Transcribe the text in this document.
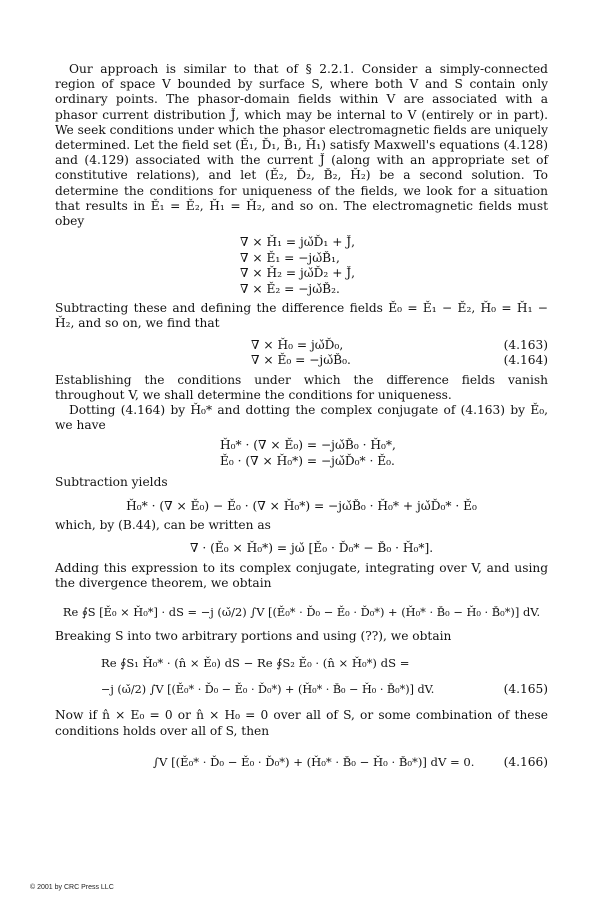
Our approach is similar to that of § 2.2.1. Consider a simply-connected region of space V bounded by surface S, where both V and S contain only ordinary points. The phasor-domain fields within V are associated with a phasor current distribution J̌, which may be internal to V (entirely or in part). We seek conditions under which the phasor electromagnetic fields are uniquely determined. Let the field set (Ě₁, Ď₁, B̌₁, Ȟ₁) satisfy Maxwell's equations (4.128) and (4.129) associated with the current J̌ (along with an appropriate set of constitutive relations), and let (Ě₂, Ď₂, B̌₂, Ȟ₂) be a second solution. To determine the conditions for uniqueness of the fields, we look for a situation that results in Ě₁ = Ě₂, Ȟ₁ = Ȟ₂, and so on. The electromagnetic fields must obey

∇ × Ȟ₁ = jω̌Ď₁ + J̌,
∇ × Ě₁ = −jω̌B̌₁,
∇ × Ȟ₂ = jω̌Ď₂ + J̌,
∇ × Ě₂ = −jω̌B̌₂.

Subtracting these and defining the difference fields Ě₀ = Ě₁ − Ě₂, Ȟ₀ = Ȟ₁ − Ȟ₂, and so on, we find that

∇ × Ȟ₀ = jω̌Ď₀,	(4.163)
∇ × Ě₀ = −jω̌B̌₀.	(4.164)

Establishing the conditions under which the difference fields vanish throughout V, we shall determine the conditions for uniqueness.

Dotting (4.164) by Ȟ₀* and dotting the complex conjugate of (4.163) by Ě₀, we have

Ȟ₀* · (∇ × Ě₀) = −jω̌B̌₀ · Ȟ₀*,
Ě₀ · (∇ × Ȟ₀*) = −jω̌Ď₀* · Ě₀.

Subtraction yields

Ȟ₀* · (∇ × Ě₀) − Ě₀ · (∇ × Ȟ₀*) = −jω̌B̌₀ · Ȟ₀* + jω̌Ď₀* · Ě₀

which, by (B.44), can be written as

∇ · (Ě₀ × Ȟ₀*) = jω̌ [Ě₀ · Ď₀* − B̌₀ · Ȟ₀*].

Adding this expression to its complex conjugate, integrating over V, and using the divergence theorem, we obtain

Re ∮S [Ě₀ × Ȟ₀*] · dS = −j (ω̌/2) ∫V [(Ě₀* · Ď₀ − Ě₀ · Ď₀*) + (Ȟ₀* · B̌₀ − Ȟ₀ · B̌₀*)] dV.

Breaking S into two arbitrary portions and using (??), we obtain

Re ∮S₁ Ȟ₀* · (n̂ × Ě₀) dS − Re ∮S₂ Ě₀ · (n̂ × Ȟ₀*) dS =
−j (ω̌/2) ∫V [(Ě₀* · Ď₀ − Ě₀ · Ď₀*) + (Ȟ₀* · B̌₀ − Ȟ₀ · B̌₀*)] dV.	(4.165)

Now if n̂ × E₀ = 0 or n̂ × H₀ = 0 over all of S, or some combination of these conditions holds over all of S, then

∫V [(Ě₀* · Ď₀ − Ě₀ · Ď₀*) + (Ȟ₀* · B̌₀ − Ȟ₀ · B̌₀*)] dV = 0. (4.166)
© 2001 by CRC Press LLC
